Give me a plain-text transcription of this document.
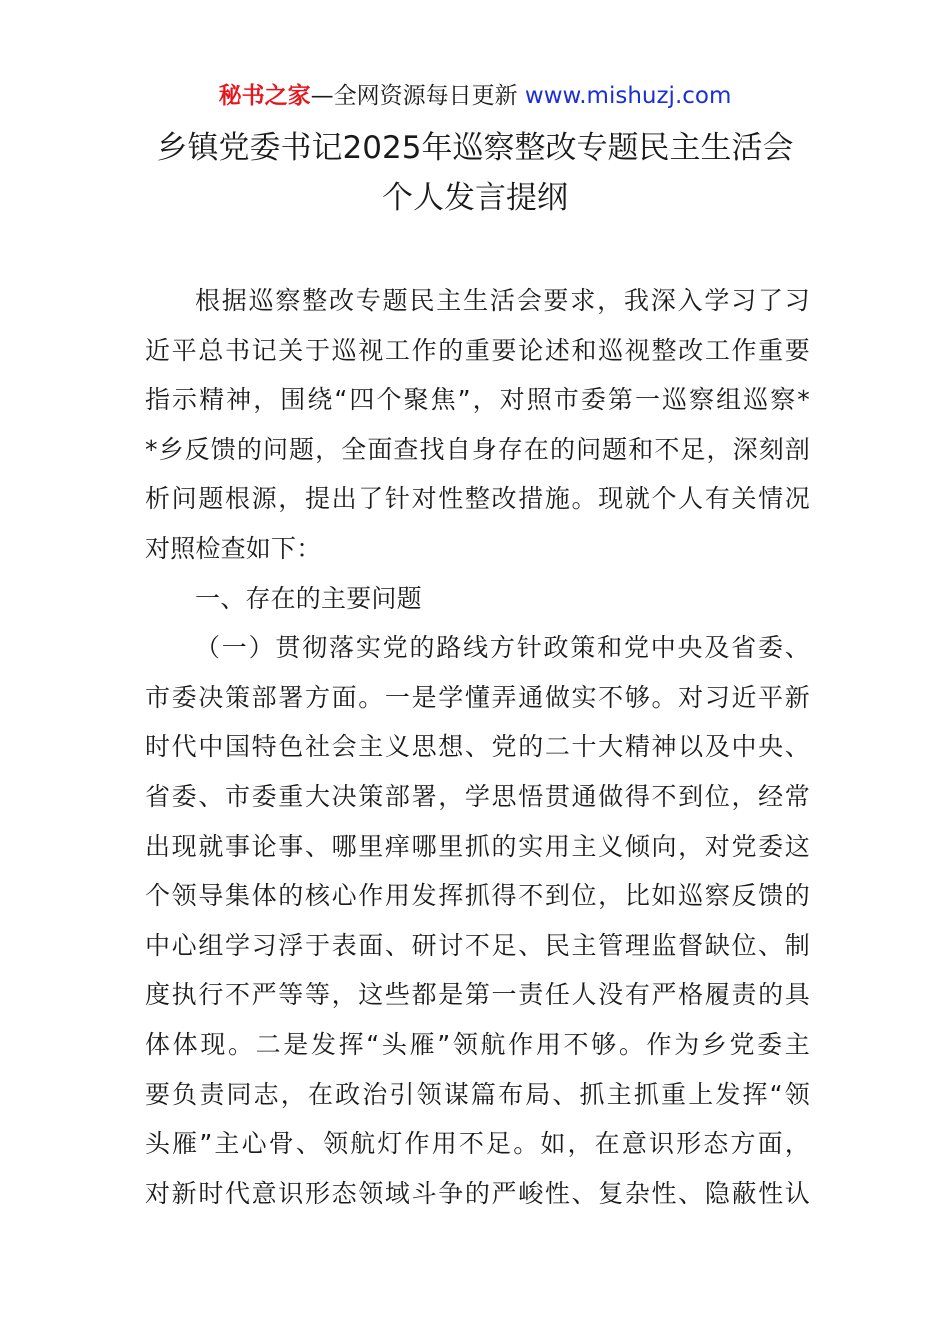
秘书之家—全网资源每日更新 www.mishuzj.com
乡镇党委书记2025年巡察整改专题民主生活会
个人发言提纲
根据巡察整改专题民主生活会要求，我深入学习了习
近平总书记关于巡视工作的重要论述和巡视整改工作重要
指示精神，围绕“四个聚焦”，对照市委第一巡察组巡察*
*乡反馈的问题，全面查找自身存在的问题和不足，深刻剖
析问题根源，提出了针对性整改措施。现就个人有关情况
对照检查如下：
一、存在的主要问题
（一）贯彻落实党的路线方针政策和党中央及省委、
市委决策部署方面。一是学懂弄通做实不够。对习近平新
时代中国特色社会主义思想、党的二十大精神以及中央、
省委、市委重大决策部署，学思悟贯通做得不到位，经常
出现就事论事、哪里痒哪里抓的实用主义倾向，对党委这
个领导集体的核心作用发挥抓得不到位，比如巡察反馈的
中心组学习浮于表面、研讨不足、民主管理监督缺位、制
度执行不严等等，这些都是第一责任人没有严格履责的具
体体现。二是发挥“头雁”领航作用不够。作为乡党委主
要负责同志，在政治引领谋篇布局、抓主抓重上发挥“领
头雁”主心骨、领航灯作用不足。如，在意识形态方面，
对新时代意识形态领域斗争的严峻性、复杂性、隐蔽性认
